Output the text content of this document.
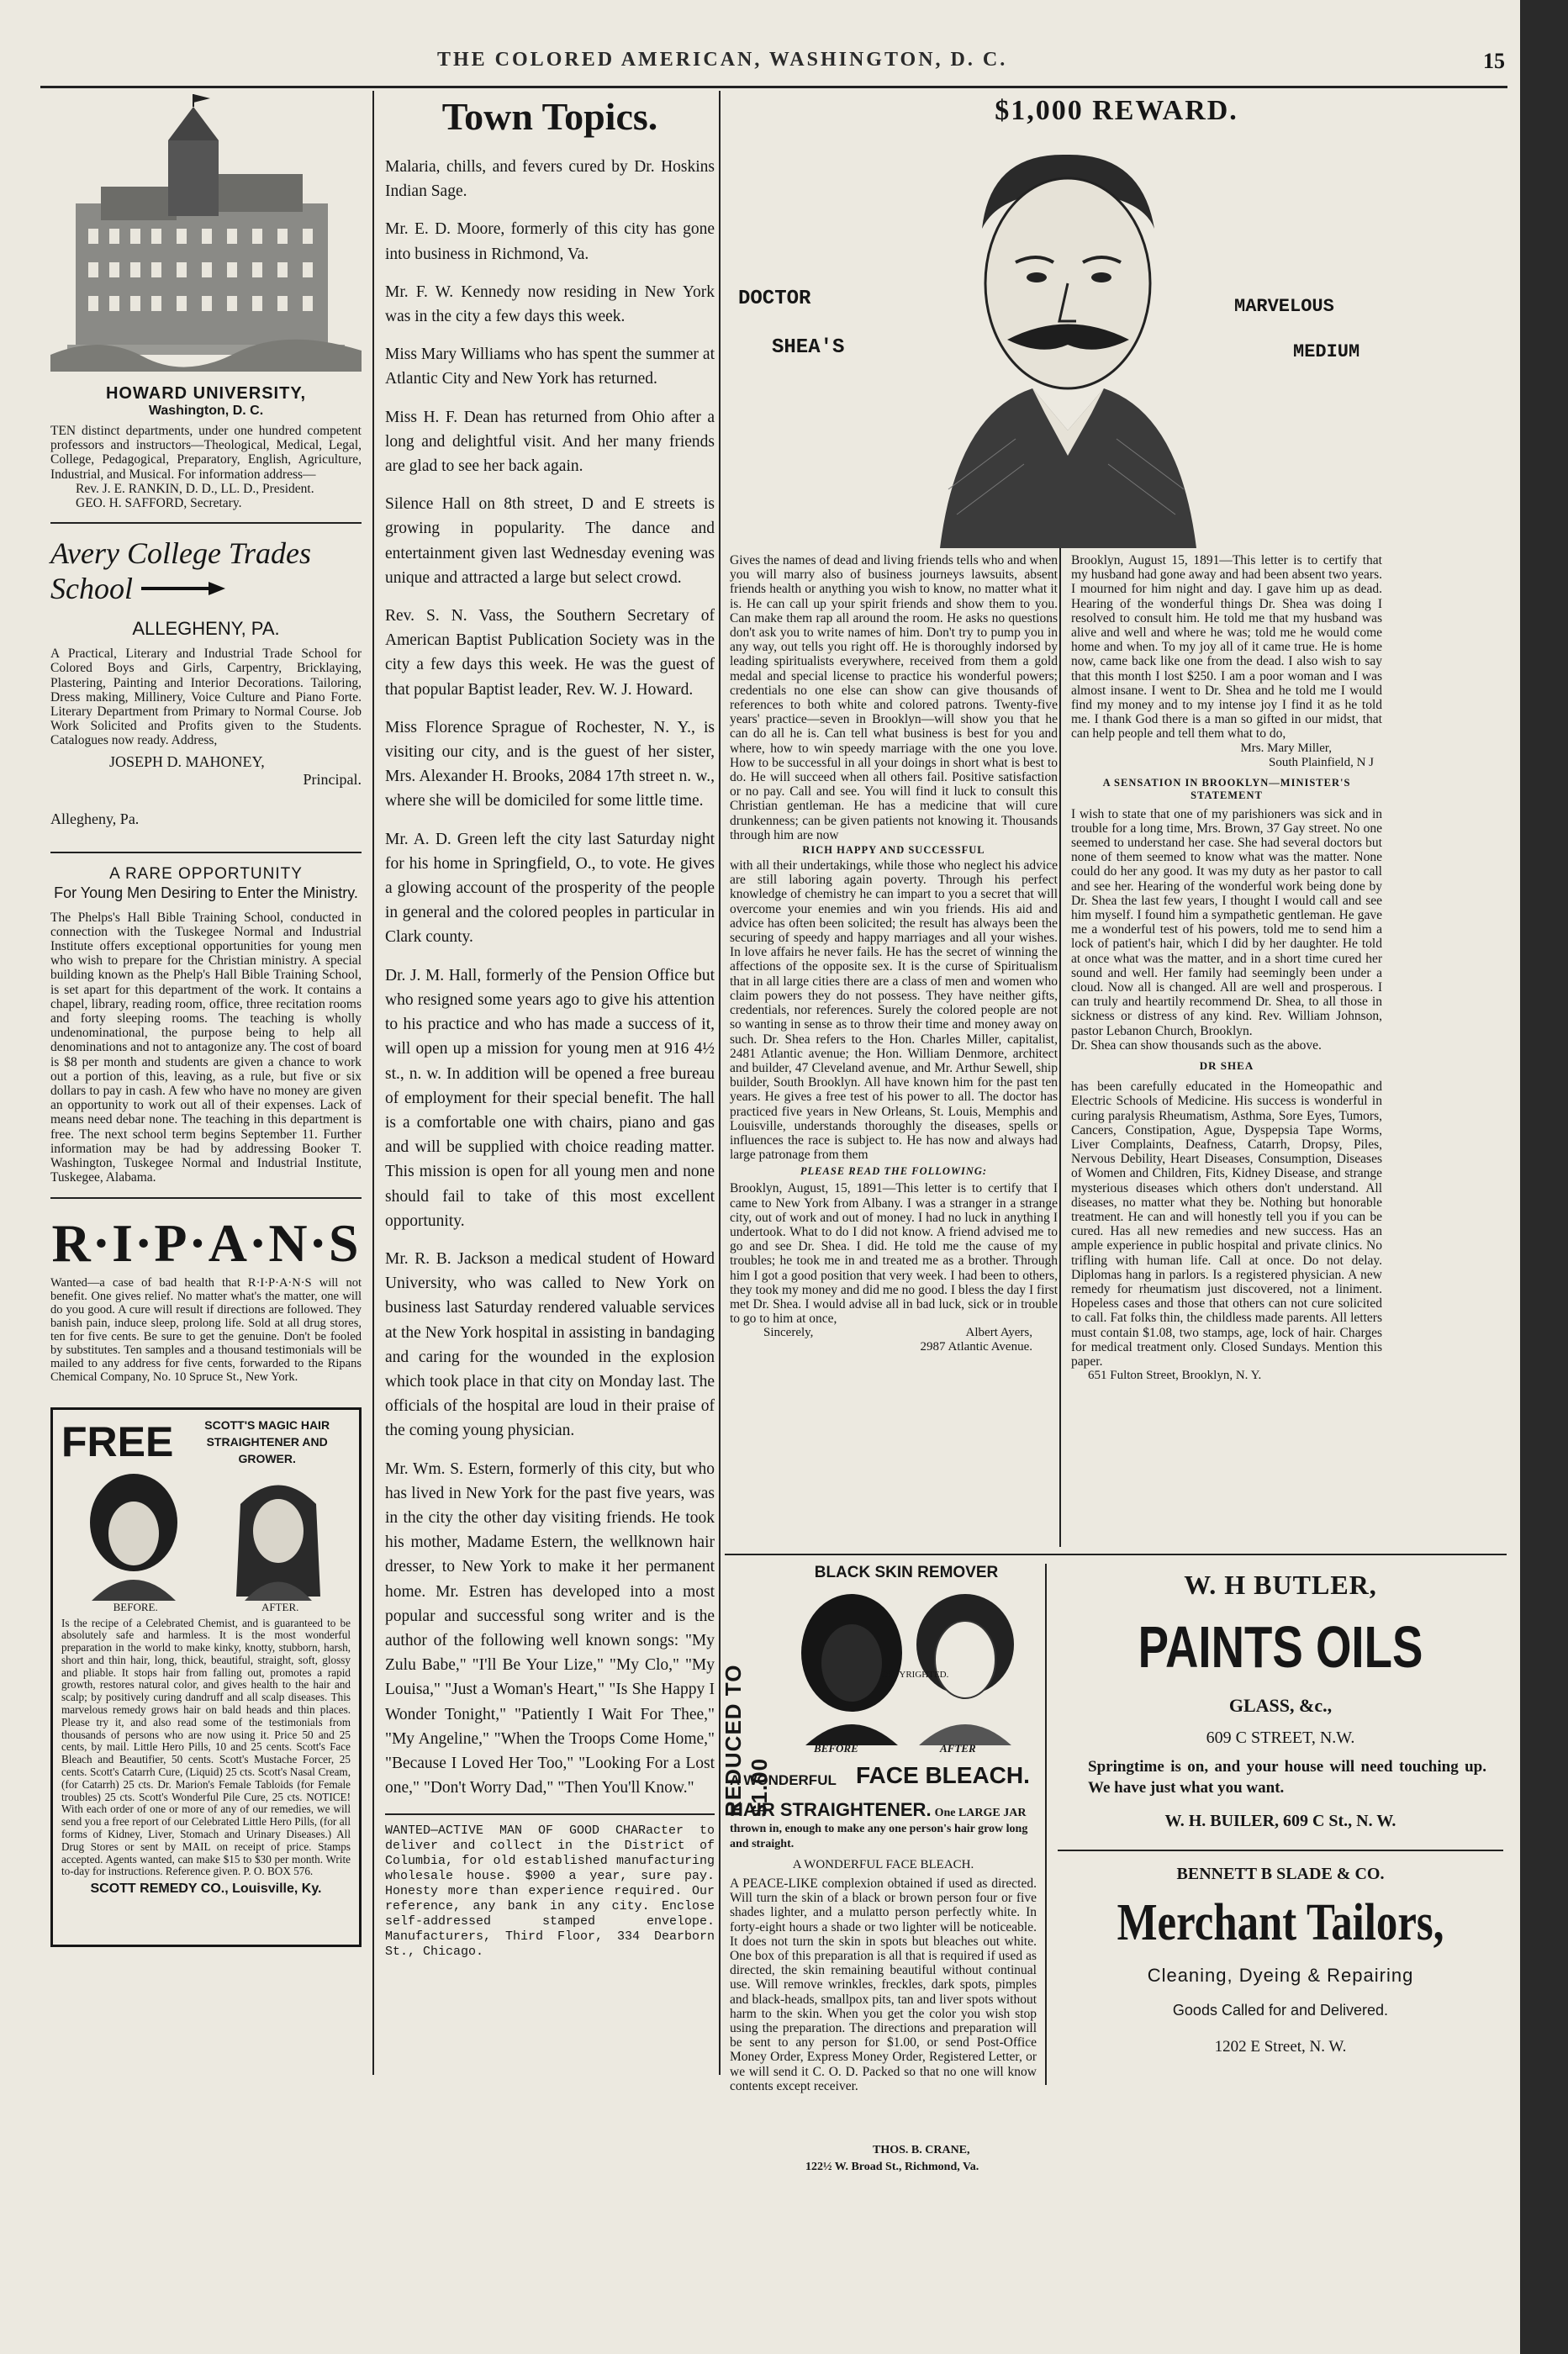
THE COLORED AMERICAN, WASHINGTON, D. C.	15
HOWARD UNIVERSITY,
Washington, D. C.
TEN distinct departments, under one hundred competent professors and instructors—Theological, Medical, Legal, College, Pedagogical, Preparatory, English, Agriculture, Industrial, and Musical. For information address—
Rev. J. E. RANKIN, D. D., LL. D., President.
GEO. H. SAFFORD, Secretary.
Avery College Trades
School
ALLEGHENY, PA.
A Practical, Literary and Industrial Trade School for Colored Boys and Girls, Carpentry, Bricklaying, Plastering, Painting and Interior Decorations. Tailoring, Dress making, Millinery, Voice Culture and Piano Forte. Literary Department from Primary to Normal Course. Job Work Solicited and Profits given to the Students. Catalogues now ready. Address,
JOSEPH D. MAHONEY,
Principal.
Allegheny, Pa.
A RARE OPPORTUNITY
For Young Men Desiring to Enter the Ministry.
The Phelps's Hall Bible Training School, conducted in connection with the Tuskegee Normal and Industrial Institute offers exceptional opportunities for young men who wish to prepare for the Christian ministry. A special building known as the Phelp's Hall Bible Training School, is set apart for this department of the work. It contains a chapel, library, reading room, office, three recitation rooms and forty sleeping rooms. The teaching is wholly undenominational, the purpose being to help all denominations and not to antagonize any. The cost of board is $8 per month and students are given a chance to work out a portion of this, leaving, as a rule, but five or six dollars to pay in cash. A few who have no money are given an opportunity to work out all of their expenses. Lack of means need debar none. The teaching in this department is free. The next school term begins September 11. Further information may be had by addressing Booker T. Washington, Tuskegee Normal and Industrial Institute, Tuskegee, Alabama.
R·I·P·A·N·S
Wanted—a case of bad health that R·I·P·A·N·S will not benefit. One gives relief. No matter what's the matter, one will do you good. A cure will result if directions are followed. They banish pain, induce sleep, prolong life. Sold at all drug stores, ten for five cents. Be sure to get the genuine. Don't be fooled by substitutes. Ten samples and a thousand testimonials will be mailed to any address for five cents, forwarded to the Ripans Chemical Company, No. 10 Spruce St., New York.
FREE	SCOTT'S MAGIC HAIR STRAIGHTENER AND GROWER.
BEFORE.	AFTER.
Is the recipe of a Celebrated Chemist, and is guaranteed to be absolutely safe and harmless. It is the most wonderful preparation in the world to make kinky, knotty, stubborn, harsh, short and thin hair, long, thick, beautiful, straight, soft, glossy and pliable. It stops hair from falling out, promotes a rapid growth, restores natural color, and gives health to the hair and scalp; by positively curing dandruff and all scalp diseases. This marvelous remedy grows hair on bald heads and thin places. Please try it, and also read some of the testimonials from thousands of persons who are now using it. Price 50 and 25 cents, by mail. Little Hero Pills, 10 and 25 cents. Scott's Face Bleach and Beautifier, 50 cents. Scott's Mustache Forcer, 25 cents. Scott's Catarrh Cure, (Liquid) 25 cts. Scott's Nasal Cream, (for Catarrh) 25 cts. Dr. Marion's Female Tabloids (for Female troubles) 25 cts. Scott's Wonderful Pile Cure, 25 cts. NOTICE! With each order of one or more of any of our remedies, we will send you a free report of our Celebrated Little Hero Pills, (for all forms of Kidney, Liver, Stomach and Urinary Diseases.) All Drug Stores or sent by MAIL on receipt of price. Stamps accepted. Agents wanted, can make $15 to $30 per month. Write to-day for instructions. Reference given. P. O. BOX 576.
SCOTT REMEDY CO., Louisville, Ky.
Town Topics.

Malaria, chills, and fevers cured by Dr. Hoskins Indian Sage.

Mr. E. D. Moore, formerly of this city has gone into business in Richmond, Va.

Mr. F. W. Kennedy now residing in New York was in the city a few days this week.

Miss Mary Williams who has spent the summer at Atlantic City and New York has returned.

Miss H. F. Dean has returned from Ohio after a long and delightful visit. And her many friends are glad to see her back again.

Silence Hall on 8th street, D and E streets is growing in popularity. The dance and entertainment given last Wednesday evening was unique and attracted a large but select crowd.

Rev. S. N. Vass, the Southern Secretary of American Baptist Publication Society was in the city a few days this week. He was the guest of that popular Baptist leader, Rev. W. J. Howard.

Miss Florence Sprague of Rochester, N. Y., is visiting our city, and is the guest of her sister, Mrs. Alexander H. Brooks, 2084 17th street n. w., where she will be domiciled for some little time.

Mr. A. D. Green left the city last Saturday night for his home in Springfield, O., to vote. He gives a glowing account of the prosperity of the people in general and the colored peoples in particular in Clark county.

Dr. J. M. Hall, formerly of the Pension Office but who resigned some years ago to give his attention to his practice and who has made a success of it, will open up a mission for young men at 916 4½ st., n. w. In addition will be opened a free bureau of employment for their special benefit. The hall is a comfortable one with chairs, piano and gas and will be supplied with choice reading matter. This mission is open for all young men and none should fail to take of this most excellent opportunity.

Mr. R. B. Jackson a medical student of Howard University, who was called to New York on business last Saturday rendered valuable services at the New York hospital in assisting in bandaging and caring for the wounded in the explosion which took place in that city on Monday last. The officials of the hospital are loud in their praise of the coming young physician.

Mr. Wm. S. Estern, formerly of this city, but who has lived in New York for the past five years, was in the city the other day visiting friends. He took his mother, Madame Estern, the wellknown hair dresser, to New York to make it her permanent home. Mr. Estren has developed into a most popular and successful song writer and is the author of the following well known songs: "My Zulu Babe," "I'll Be Your Lize," "My Clo," "My Louisa," "Just a Woman's Heart," "Is She Happy I Wonder Tonight," "Patiently I Wait For Thee," "My Angeline," "When the Troops Come Home," "Because I Loved Her Too," "Looking For a Lost one," "Don't Worry Dad," "Then You'll Know."

WANTED—ACTIVE MAN OF GOOD CHARacter to deliver and collect in the District of Columbia, for old established manufacturing wholesale house. $900 a year, sure pay. Honesty more than experience required. Our reference, any bank in any city. Enclose self-addressed stamped envelope. Manufacturers, Third Floor, 334 Dearborn St., Chicago.
$1,000 REWARD.
DOCTOR
SHEA'S
MARVELOUS
MEDIUM
Gives the names of dead and living friends tells who and when you will marry also of business journeys lawsuits, absent friends health or anything you wish to know, no matter what it is. He can call up your spirit friends and show them to you. Can make them rap all around the room. He asks no questions don't ask you to write names of him. Don't try to pump you in any way, out tells you right off. He is thoroughly indorsed by leading spiritualists everywhere, received from them a gold medal and special license to practice his wonderful powers; credentials no one else can show can give thousands of references to both white and colored patrons. Twenty-five years' practice—seven in Brooklyn—will show you that he can do all he is. Can tell what business is best for you and where, how to win speedy marriage with the one you love. How to be successful in all your doings in short what is best to do. He will succeed when all others fail. Positive satisfaction or no pay. Call and see. You will find it luck to consult this Christian gentleman. He has a medicine that will cure drunkenness; can be given patients not knowing it. Thousands through him are now
RICH HAPPY AND SUCCESSFUL
with all their undertakings, while those who neglect his advice are still laboring again poverty. Through his perfect knowledge of chemistry he can impart to you a secret that will overcome your enemies and win you friends. His aid and advice has often been solicited; the result has always been the securing of speedy and happy marriages and all your wishes. In love affairs he never fails. He has the secret of winning the affections of the opposite sex. It is the curse of Spiritualism that in all large cities there are a class of men and women who claim powers they do not possess. They have neither gifts, credentials, nor references. Surely the colored people are not so wanting in sense as to throw their time and money away on such. Dr. Shea refers to the Hon. Charles Miller, capitalist, 2481 Atlantic avenue; the Hon. William Denmore, architect and builder, 47 Cleveland avenue, and Mr. Arthur Sewell, ship builder, South Brooklyn. All have known him for the past ten years. He gives a free test of his power to all. The doctor has practiced five years in New Orleans, St. Louis, Memphis and Louisville, understands thoroughly the diseases, spells or influences the race is subject to. He has now and always had large patronage from them
PLEASE READ THE FOLLOWING:
Brooklyn, August, 15, 1891—This letter is to certify that I came to New York from Albany. I was a stranger in a strange city, out of work and out of money. I had no luck in anything I undertook. What to do I did not know. A friend advised me to go and see Dr. Shea. I did. He told me the cause of my troubles; he took me in and treated me as a brother. Through him I got a good position that very week. I had been to others, they took my money and did me no good. I bless the day I first met Dr. Shea. I would advise all in bad luck, sick or in trouble to go to him at once,
Sincerely,	Albert Ayers,
2987 Atlantic Avenue.
Brooklyn, August 15, 1891—This letter is to certify that my husband had gone away and had been absent two years. I mourned for him night and day. I gave him up as dead. Hearing of the wonderful things Dr. Shea was doing I resolved to consult him. He told me that my husband was alive and well and where he was; told me he would come home and when. To my joy all of it came true. He is home now, came back like one from the dead. I also wish to say that this month I lost $250. I am a poor woman and I was almost insane. I went to Dr. Shea and he told me I would find my money and to my intense joy I find it as he told me. I thank God there is a man so gifted in our midst, that can help people and tell them what to do,
Mrs. Mary Miller,
South Plainfield, N J
A SENSATION IN BROOKLYN—MINISTER'S STATEMENT
I wish to state that one of my parishioners was sick and in trouble for a long time, Mrs. Brown, 37 Gay street. No one seemed to understand her case. She had several doctors but none of them seemed to know what was the matter. None could do her any good. It was my duty as her pastor to call and see her. Hearing of the wonderful work being done by Dr. Shea the last few years, I thought I would call and see him myself. I found him a sympathetic gentleman. He gave me a wonderful test of his powers, told me to send him a lock of patient's hair, which I did by her daughter. He told at once what was the matter, and in a short time cured her sound and well. Her family had seemingly been under a cloud. Now all is changed. All are well and prosperous. I can truly and heartily recommend Dr. Shea, to all those in sickness or distress of any kind. Rev. William Johnson, pastor Lebanon Church, Brooklyn.
Dr. Shea can show thousands such as the above.
DR SHEA
has been carefully educated in the Homeopathic and Electric Schools of Medicine. His success is wonderful in curing paralysis Rheumatism, Asthma, Sore Eyes, Tumors, Cancers, Constipation, Ague, Dyspepsia Tape Worms, Liver Complaints, Deafness, Catarrh, Dropsy, Piles, Nervous Debility, Heart Diseases, Consumption, Diseases of Women and Children, Fits, Kidney Disease, and strange mysterious diseases which others don't understand. All diseases, no matter what they be. Nothing but honorable treatment. He can and will honestly tell you if you can be cured. Has all new remedies and new success. Has an ample experience in public hospital and private clinics. No trifling with human life. Call at once. Do not delay. Diplomas hang in parlors. Is a registered physician. A new remedy for rheumatism just discovered, not a liniment. Hopeless cases and those that others can not cure solicited to call. Fat folks thin, the childless made parents. All letters must contain $1.08, two stamps, age, lock of hair. Charges for medical treatment only. Closed Sundays. Mention this paper.
651 Fulton Street, Brooklyn, N. Y.
REDUCED TO $1.00
BLACK SKIN REMOVER
COPYRIGHTED.
BEFORE	AFTER
A WONDERFUL FACE BLEACH.
HAIR STRAIGHTENER. One LARGE JAR thrown in, enough to make any one person's hair grow long and straight.
A WONDERFUL FACE BLEACH.
A PEACE-LIKE complexion obtained if used as directed. Will turn the skin of a black or brown person four or five shades lighter, and a mulatto person perfectly white. In forty-eight hours a shade or two lighter will be noticeable. It does not turn the skin in spots but bleaches out white. One box of this preparation is all that is required if used as directed, the skin remaining beautiful without continual use. Will remove wrinkles, freckles, dark spots, pimples and black-heads, smallpox pits, tan and liver spots without harm to the skin. When you get the color you wish stop using the preparation. The directions and preparation will be sent to any person for $1.00, or send Post-Office Money Order, Express Money Order, Registered Letter, or we will send it C. O. D. Packed so that no one will know contents except receiver.
THOS. B. CRANE,
122½ W. Broad St., Richmond, Va.
W. H BUTLER,
PAINTS OILS
GLASS, &c.,
609 C STREET, N.W.
Springtime is on, and your house will need touching up. We have just what you want.
W. H. BUILER, 609 C St., N. W.
BENNETT B SLADE & CO.
Merchant Tailors,
Cleaning, Dyeing & Repairing
Goods Called for and Delivered.
1202 E Street, N. W.
